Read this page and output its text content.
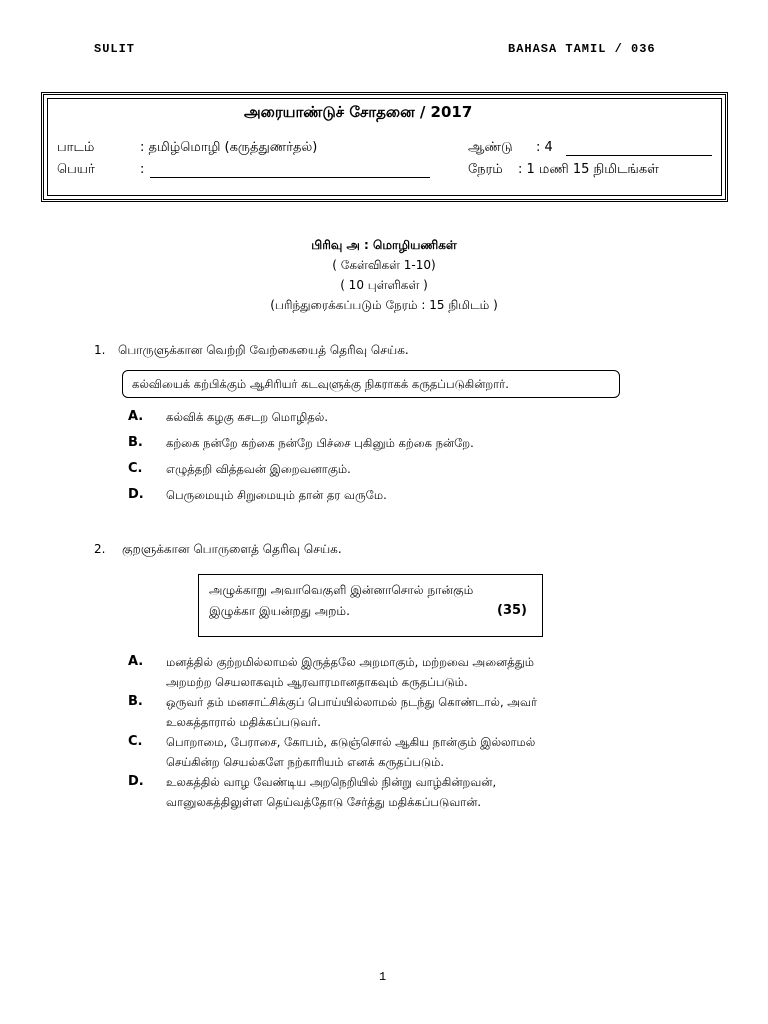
SULIT	BAHASA TAMIL / 036
அரையாண்டுச் சோதனை / 2017
பாடம்	: தமிழ்மொழி (கருத்துணர்தல்)	ஆண்டு : 4
பெயர்	:	நேரம் : 1 மணி 15 நிமிடங்கள்
பிரிவு அ : மொழியணிகள்
( கேள்விகள் 1-10)
( 10 புள்ளிகள் )
(பரிந்துரைக்கப்படும் நேரம் : 15 நிமிடம் )
1. பொருளுக்கான வெற்றி வேற்கையைத் தெரிவு செய்க.
கல்வியைக் கற்பிக்கும் ஆசிரியர் கடவுளுக்கு நிகராகக் கருதப்படுகின்றார்.
A. கல்விக் கழகு கசடற மொழிதல்.
B. கற்கை நன்றே கற்கை நன்றே பிச்சை புகினும் கற்கை நன்றே.
C. எழுத்தறி வித்தவன் இறைவனாகும்.
D. பெருமையும் சிறுமையும் தான் தர வருமே.
2. குறளுக்கான பொருளைத் தெரிவு செய்க.
அழுக்காறு அவாவெகுளி இன்னாசொல் நான்கும்
இழுக்கா இயன்றது அறம்.	(35)
A. மனத்தில் குற்றமில்லாமல் இருத்தலே அறமாகும், மற்றவை அனைத்தும்
அறமற்ற செயலாகவும் ஆரவாரமானதாகவும் கருதப்படும்.
B. ஒருவர் தம் மனசாட்சிக்குப் பொய்யில்லாமல் நடந்து கொண்டால், அவர்
உலகத்தாரால் மதிக்கப்படுவர்.
C. பொறாமை, பேராசை, கோபம், கடுஞ்சொல் ஆகிய நான்கும் இல்லாமல்
செய்கின்ற செயல்களே நற்காரியம் எனக் கருதப்படும்.
D. உலகத்தில் வாழ வேண்டிய அறநெறியில் நின்று வாழ்கின்றவன்,
வானுலகத்திலுள்ள தெய்வத்தோடு சேர்த்து மதிக்கப்படுவான்.
1
